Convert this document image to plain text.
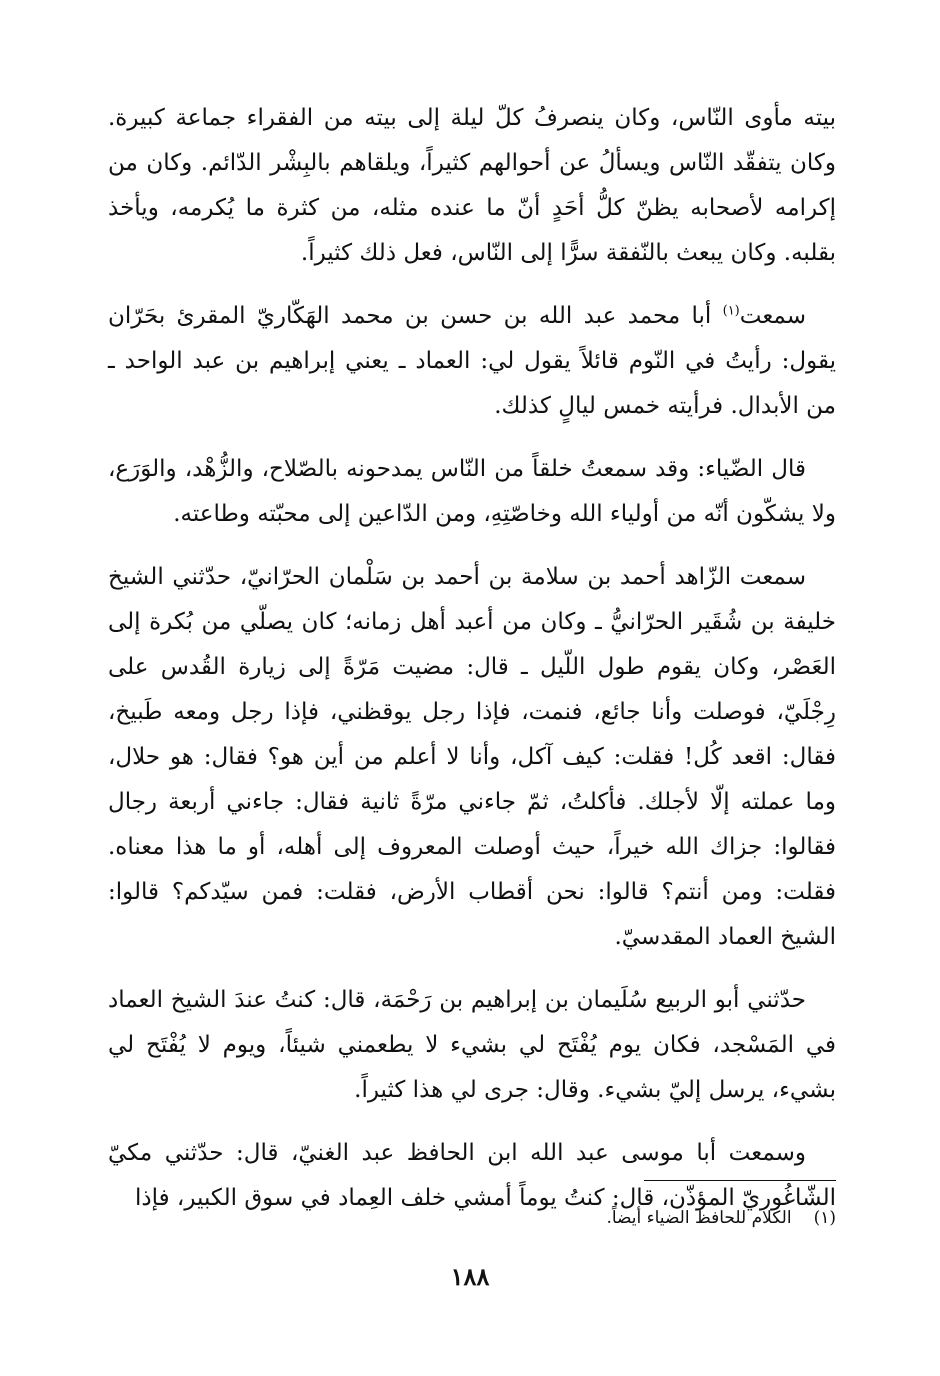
بيته مأوى النّاس، وكان ينصرفُ كلّ ليلة إلى بيته من الفقراء جماعة كبيرة. وكان يتفقّد النّاس ويسألُ عن أحوالهم كثيراً، ويلقاهم بالبِشْر الدّائم. وكان من إكرامه لأصحابه يظنّ كلُّ أحَدٍ أنّ ما عنده مثله، من كثرة ما يُكرمه، ويأخذ بقلبه. وكان يبعث بالنّفقة سرًّا إلى النّاس، فعل ذلك كثيراً.

سمعت$^{(١)}$ أبا محمد عبد الله بن حسن بن محمد الهَكّاريّ المقرئ بحَرّان يقول: رأيتُ في النّوم قائلاً يقول لي: العماد ـ يعني إبراهيم بن عبد الواحد ـ من الأبدال. فرأيته خمس ليالٍ كذلك.

قال الضّياء: وقد سمعتُ خلقاً من النّاس يمدحونه بالصّلاح، والزُّهْد، والوَرَع، ولا يشكّون أنّه من أولياء الله وخاصّتِهِ، ومن الدّاعين إلى محبّته وطاعته.

سمعت الزّاهد أحمد بن سلامة بن أحمد بن سَلْمان الحرّانيّ، حدّثني الشيخ خليفة بن شُقَير الحرّانيُّ ـ وكان من أعبد أهل زمانه؛ كان يصلّي من بُكرة إلى العَصْر، وكان يقوم طول اللّيل ـ قال: مضيت مَرّةً إلى زيارة القُدس على رِجْلَيّ، فوصلت وأنا جائع، فنمت، فإذا رجل يوقظني، فإذا رجل ومعه طَبيخ، فقال: اقعد كُل! فقلت: كيف آكل، وأنا لا أعلم من أين هو؟ فقال: هو حلال، وما عملته إلّا لأجلك. فأكلتُ، ثمّ جاءني مرّةً ثانية فقال: جاءني أربعة رجال فقالوا: جزاك الله خيراً، حيث أوصلت المعروف إلى أهله، أو ما هذا معناه. فقلت: ومن أنتم؟ قالوا: نحن أقطاب الأرض، فقلت: فمن سيّدكم؟ قالوا: الشيخ العماد المقدسيّ.

حدّثني أبو الربيع سُلَيمان بن إبراهيم بن رَحْمَة، قال: كنتُ عندَ الشيخ العماد في المَسْجد، فكان يوم يُفْتَح لي بشيء لا يطعمني شيئاً، ويوم لا يُفْتَح لي بشيء، يرسل إليّ بشيء. وقال: جرى لي هذا كثيراً.

وسمعت أبا موسى عبد الله ابن الحافظ عبد الغنيّ، قال: حدّثني مكيّ الشّاغُوريّ المؤذّن، قال: كنتُ يوماً أمشي خلف العِماد في سوق الكبير، فإذا

(١)الكلام للحافظ الضياء أيضاً.
١٨٨
